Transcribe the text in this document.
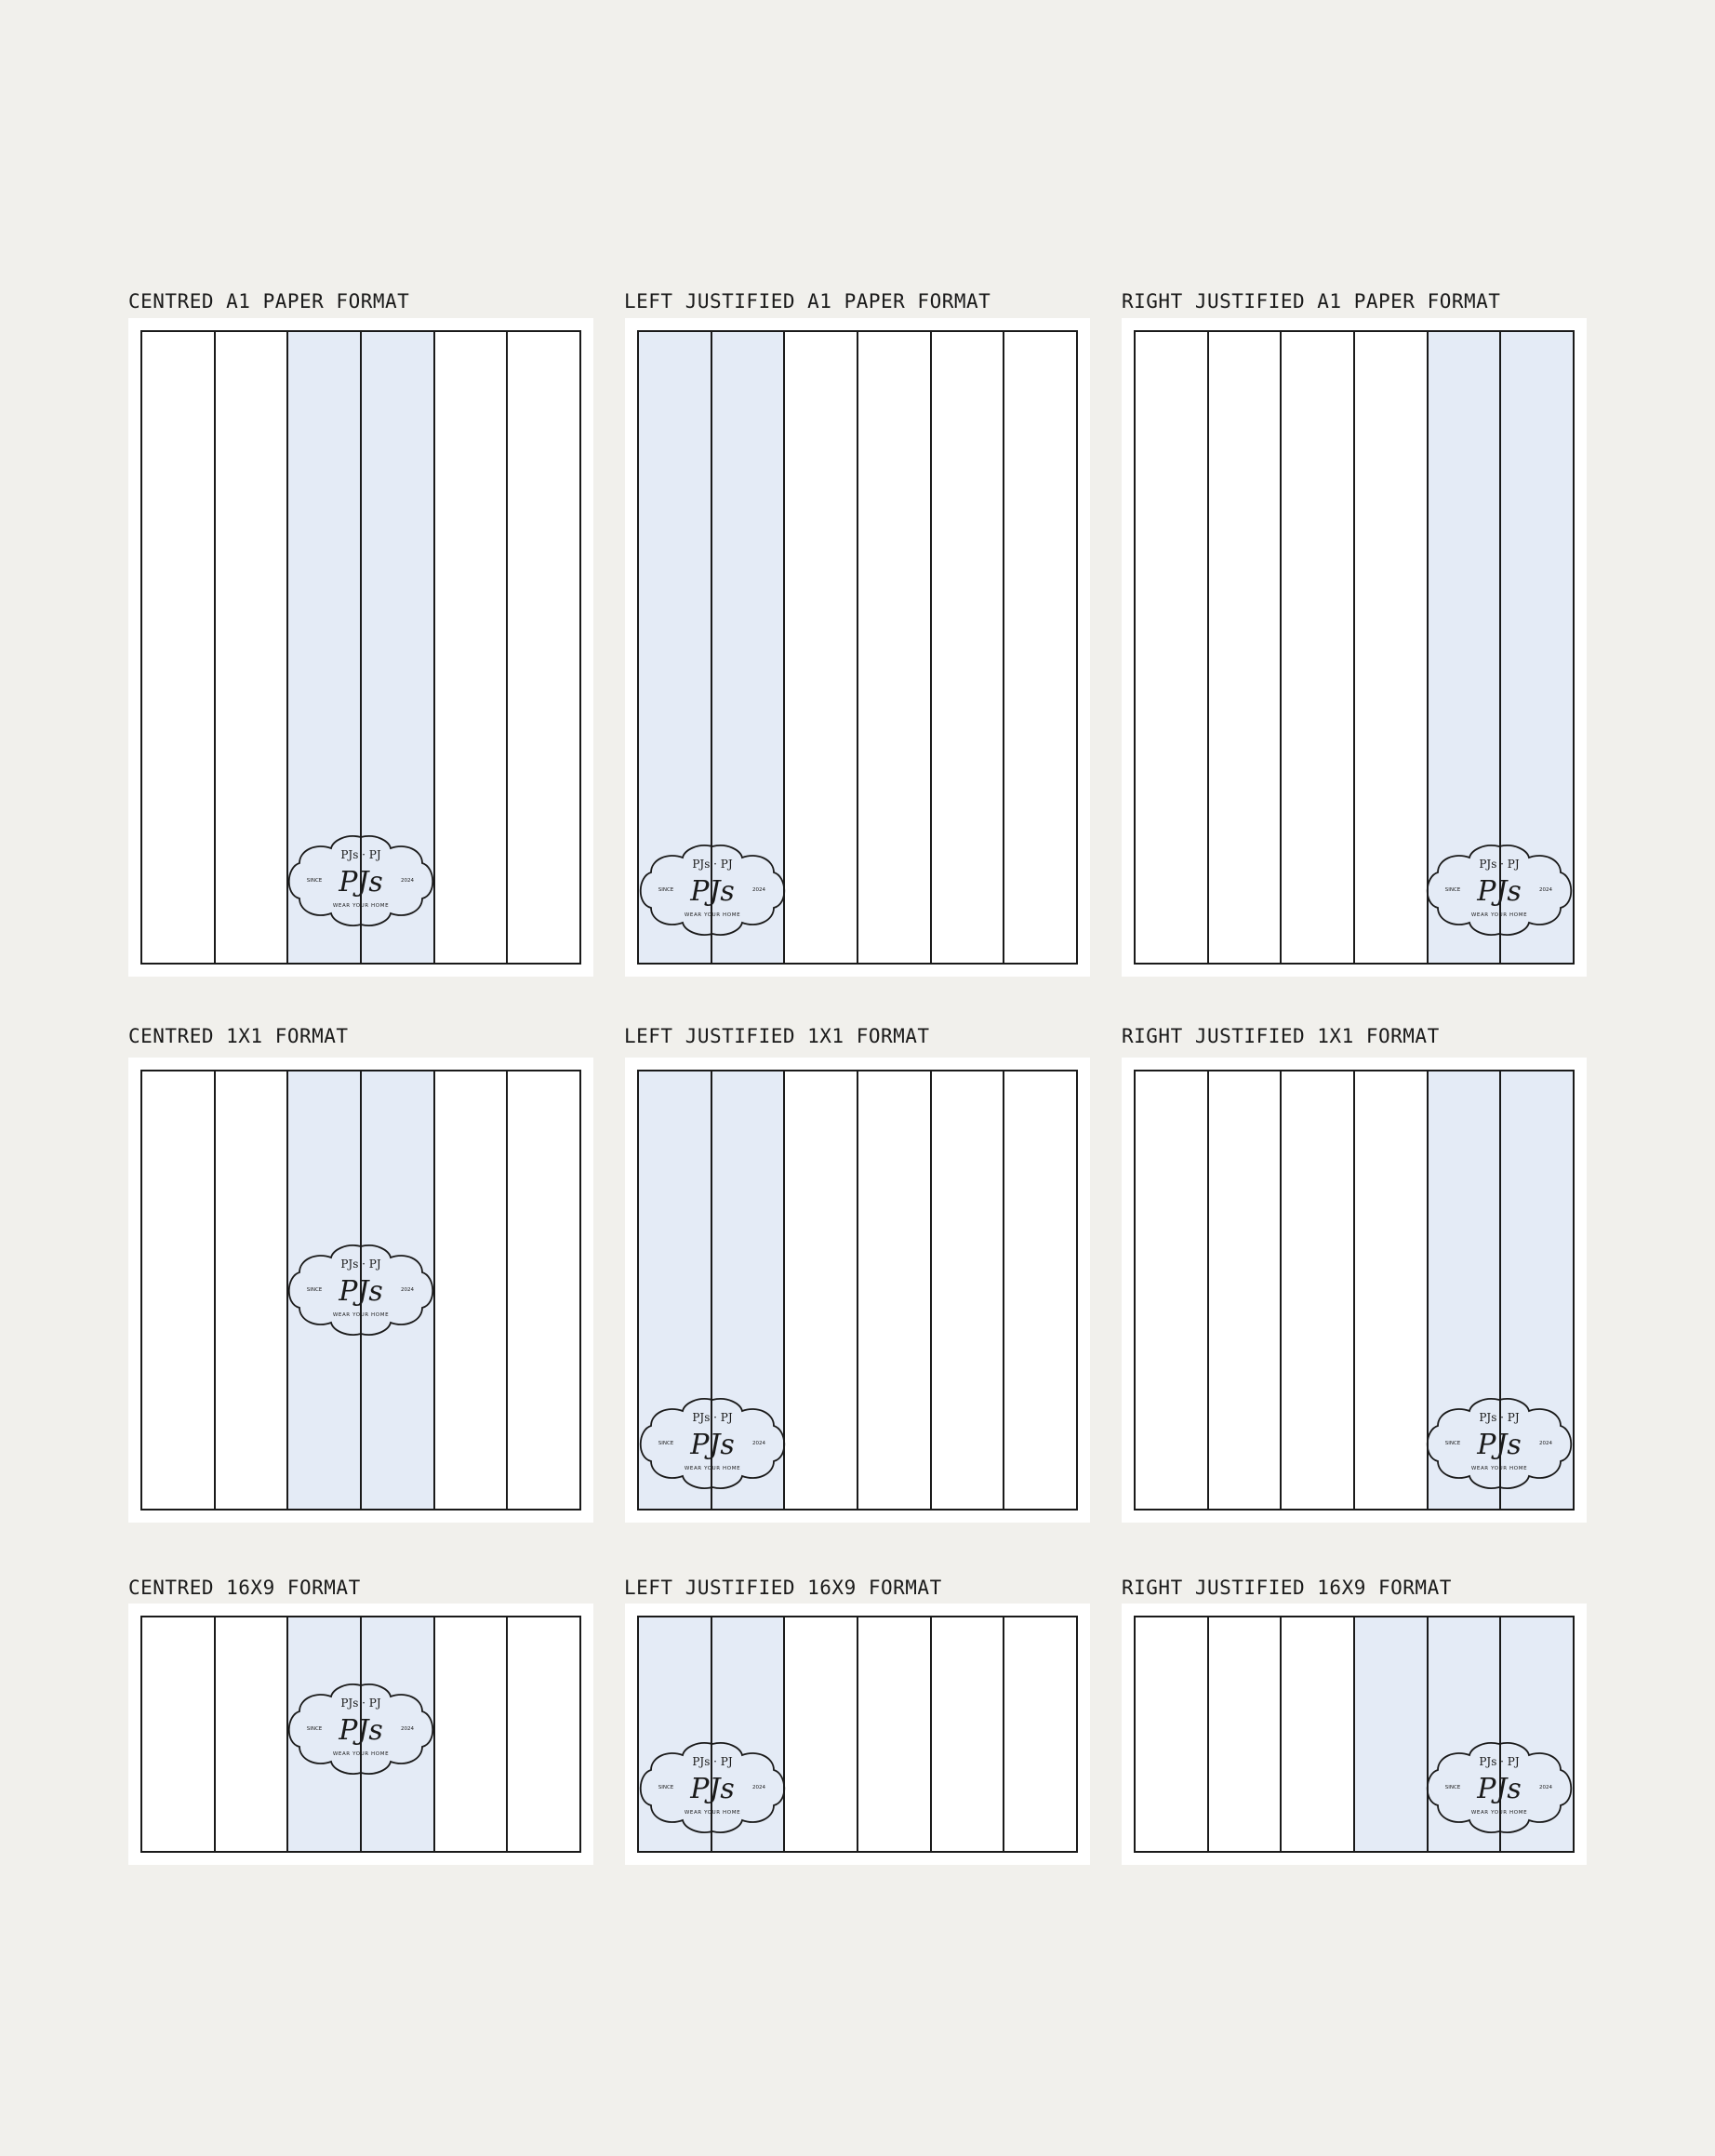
CENTRED A1 PAPER FORMAT
PJs · PJ
PJs
SINCE	2024
WEAR YOUR HOME
LEFT JUSTIFIED A1 PAPER FORMAT
PJs · PJ
PJs
SINCE	2024
WEAR YOUR HOME
RIGHT JUSTIFIED A1 PAPER FORMAT
PJs · PJ
PJs
SINCE	2024
WEAR YOUR HOME
CENTRED 1X1 FORMAT
PJs · PJ
PJs
SINCE	2024
WEAR YOUR HOME
LEFT JUSTIFIED 1X1 FORMAT
PJs · PJ
PJs
SINCE	2024
WEAR YOUR HOME
RIGHT JUSTIFIED 1X1 FORMAT
PJs · PJ
PJs
SINCE	2024
WEAR YOUR HOME
CENTRED 16X9 FORMAT
PJs · PJ
PJs
SINCE	2024
WEAR YOUR HOME
LEFT JUSTIFIED 16X9 FORMAT
PJs · PJ
PJs
SINCE	2024
WEAR YOUR HOME
RIGHT JUSTIFIED 16X9 FORMAT
PJs · PJ
PJs
SINCE	2024
WEAR YOUR HOME
